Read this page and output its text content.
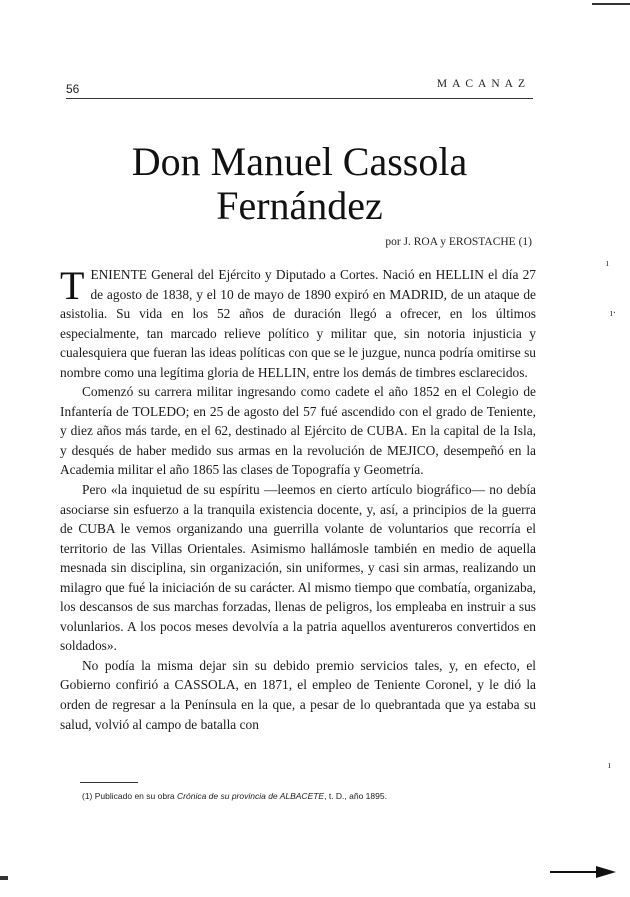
56	MACANAZ
Don Manuel Cassola
Fernández
por J. ROA y EROSTACHE (1)

TENIENTE General del Ejército y Diputado a Cortes. Nació en HELLIN el día 27 de agosto de 1838, y el 10 de mayo de 1890 expiró en MADRID, de un ataque de asistolia. Su vida en los 52 años de duración llegó a ofrecer, en los últimos especialmente, tan marcado relieve político y militar que, sin notoria injusticia y cualesquiera que fueran las ideas políticas con que se le juzgue, nunca podría omitirse su nombre como una legítima gloria de HELLIN, entre los demás de timbres esclarecidos.

Comenzó su carrera militar ingresando como cadete el año 1852 en el Colegio de Infantería de TOLEDO; en 25 de agosto del 57 fué ascendido con el grado de Teniente, y diez años más tarde, en el 62, destinado al Ejército de CUBA. En la capital de la Isla, y desqués de haber medido sus armas en la revolución de MEJICO, desempeñó en la Academia militar el año 1865 las clases de Topografía y Geometría.

Pero «la inquietud de su espíritu —leemos en cierto artículo biográfico— no debía asociarse sin esfuerzo a la tranquila existencia docente, y, así, a principios de la guerra de CUBA le vemos organizando una guerrilla volante de voluntarios que recorría el territorio de las Villas Orientales. Asimismo hallámosle también en medio de aquella mesnada sin disciplina, sin organización, sin uniformes, y casi sin armas, realizando un milagro que fué la iniciación de su carácter. Al mismo tiempo que combatía, organizaba, los descansos de sus marchas forzadas, llenas de peligros, los empleaba en instruir a sus volunlarios. A los pocos meses devolvía a la patria aquellos aventureros convertidos en soldados».

No podía la misma dejar sin su debido premio servicios tales, y, en efecto, el Gobierno confirió a CASSOLA, en 1871, el empleo de Teniente Coronel, y le dió la orden de regresar a la Península en la que, a pesar de lo quebrantada que ya estaba su salud, volvió al campo de batalla con

(1) Publicado en su obra Crónica de su provincia de ALBACETE, t. D., año 1895.
ı
ı·
ı
